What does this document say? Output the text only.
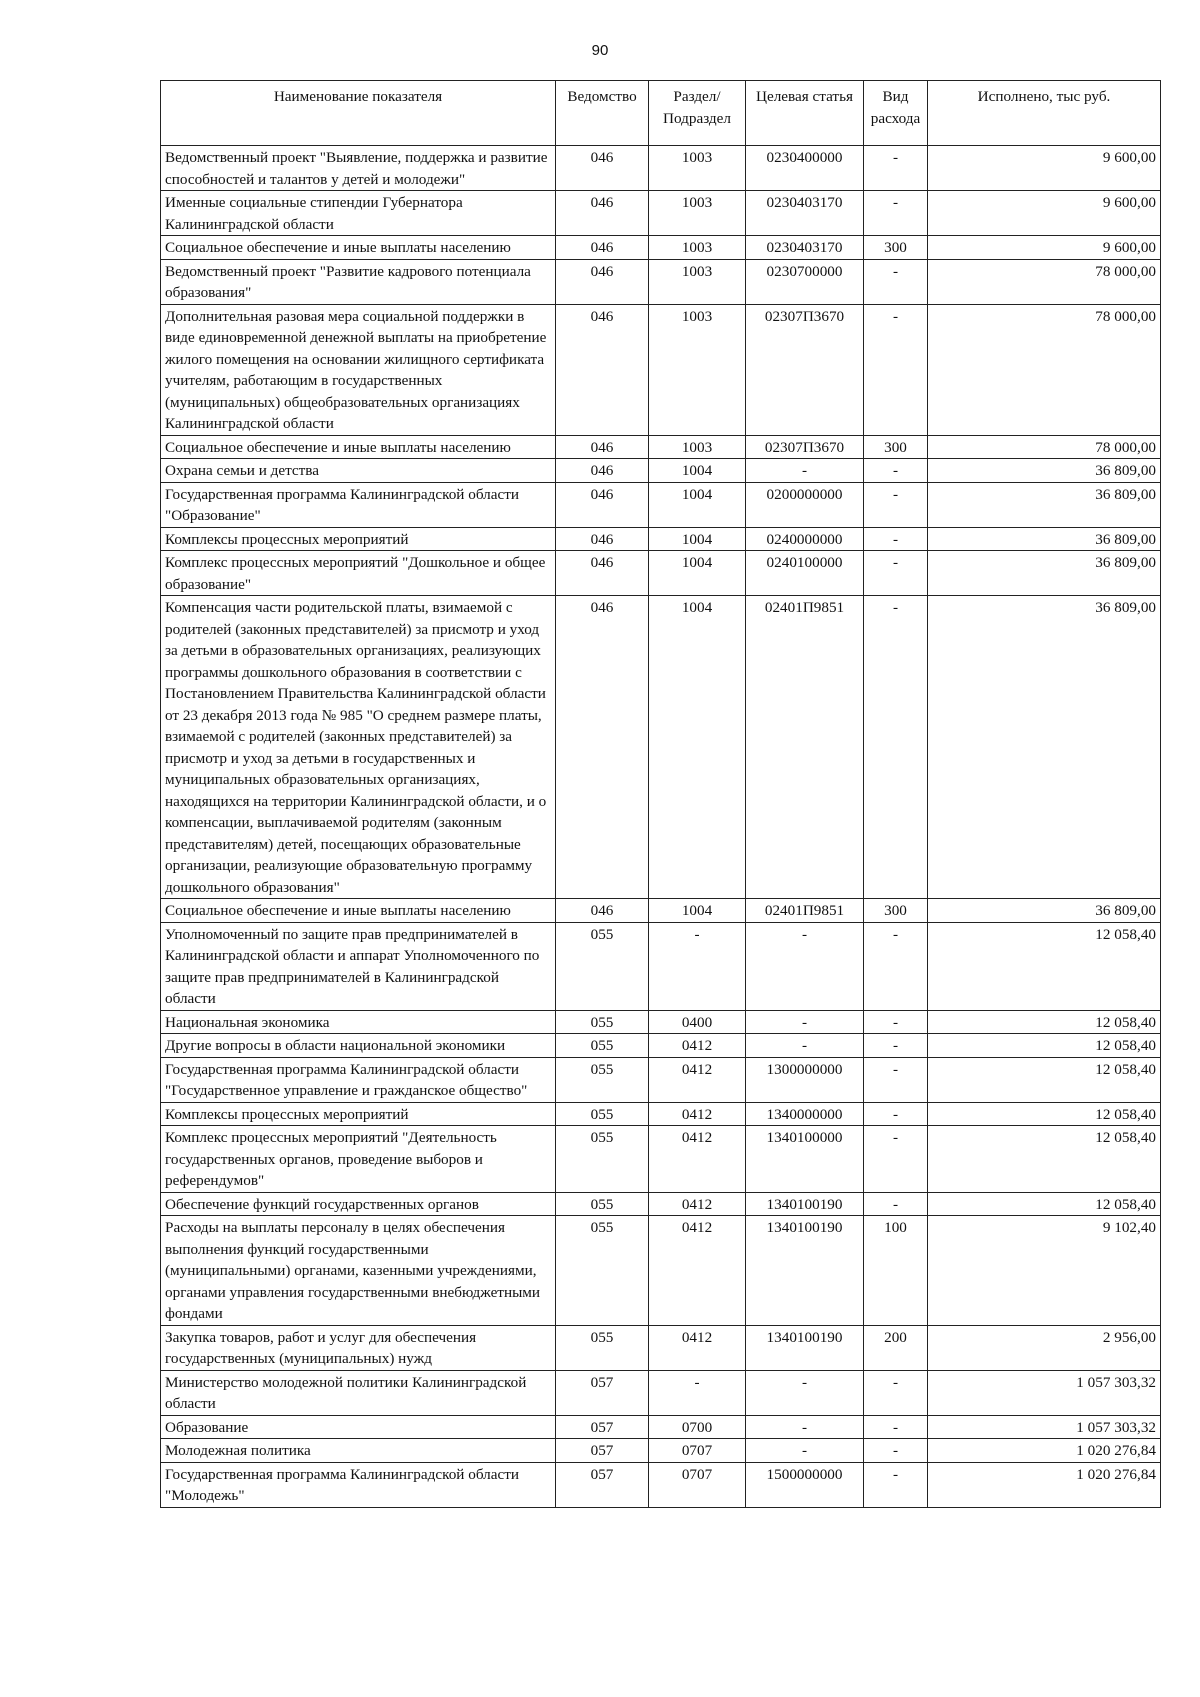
90
Наименование показателя	Ведомство	Раздел/ Подраздел	Целевая статья	Вид расхода	Исполнено, тыс руб.
Ведомственный проект "Выявление, поддержка и развитие способностей и талантов у детей и молодежи"	046	1003	0230400000	-	9 600,00
Именные социальные стипендии Губернатора Калининградской области	046	1003	0230403170	-	9 600,00
Социальное обеспечение и иные выплаты населению	046	1003	0230403170	300	9 600,00
Ведомственный проект "Развитие кадрового потенциала образования"	046	1003	0230700000	-	78 000,00
Дополнительная разовая мера социальной поддержки в виде единовременной денежной выплаты на приобретение жилого помещения на основании жилищного сертификата учителям, работающим в государственных (муниципальных) общеобразовательных организациях Калининградской области	046	1003	02307П3670	-	78 000,00
Социальное обеспечение и иные выплаты населению	046	1003	02307П3670	300	78 000,00
Охрана семьи и детства	046	1004	-	-	36 809,00
Государственная программа Калининградской области "Образование"	046	1004	0200000000	-	36 809,00
Комплексы процессных мероприятий	046	1004	0240000000	-	36 809,00
Комплекс процессных мероприятий "Дошкольное и общее образование"	046	1004	0240100000	-	36 809,00
Компенсация части родительской платы, взимаемой с родителей (законных представителей) за присмотр и уход за детьми в образовательных организациях, реализующих программы дошкольного образования в соответствии с Постановлением Правительства Калининградской области от 23 декабря 2013 года № 985 "О среднем размере платы, взимаемой с родителей (законных представителей) за присмотр и уход за детьми в государственных и муниципальных образовательных организациях, находящихся на территории Калининградской области, и о компенсации, выплачиваемой родителям (законным представителям) детей, посещающих образовательные организации, реализующие образовательную программу дошкольного образования"	046	1004	02401П9851	-	36 809,00
Социальное обеспечение и иные выплаты населению	046	1004	02401П9851	300	36 809,00
Уполномоченный по защите прав предпринимателей в Калининградской области и аппарат Уполномоченного по защите прав предпринимателей в Калининградской области	055	-	-	-	12 058,40
Национальная экономика	055	0400	-	-	12 058,40
Другие вопросы в области национальной экономики	055	0412	-	-	12 058,40
Государственная программа Калининградской области "Государственное управление и гражданское общество"	055	0412	1300000000	-	12 058,40
Комплексы процессных мероприятий	055	0412	1340000000	-	12 058,40
Комплекс процессных мероприятий "Деятельность государственных органов, проведение выборов и референдумов"	055	0412	1340100000	-	12 058,40
Обеспечение функций государственных органов	055	0412	1340100190	-	12 058,40
Расходы на выплаты персоналу в целях обеспечения выполнения функций государственными (муниципальными) органами, казенными учреждениями, органами управления государственными внебюджетными фондами	055	0412	1340100190	100	9 102,40
Закупка товаров, работ и услуг для обеспечения государственных (муниципальных) нужд	055	0412	1340100190	200	2 956,00
Министерство молодежной политики Калининградской области	057	-	-	-	1 057 303,32
Образование	057	0700	-	-	1 057 303,32
Молодежная политика	057	0707	-	-	1 020 276,84
Государственная программа Калининградской области "Молодежь"	057	0707	1500000000	-	1 020 276,84
